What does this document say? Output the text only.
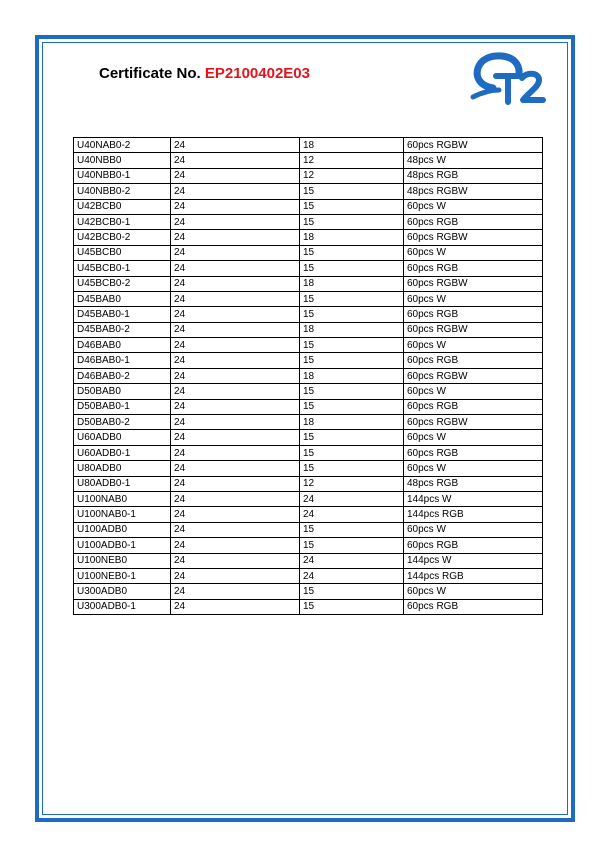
Certificate No. EP2100402E03
U40NAB0-2	24	18	60pcs RGBW
U40NBB0	24	12	48pcs W
U40NBB0-1	24	12	48pcs RGB
U40NBB0-2	24	15	48pcs RGBW
U42BCB0	24	15	60pcs W
U42BCB0-1	24	15	60pcs RGB
U42BCB0-2	24	18	60pcs RGBW
U45BCB0	24	15	60pcs W
U45BCB0-1	24	15	60pcs RGB
U45BCB0-2	24	18	60pcs RGBW
D45BAB0	24	15	60pcs W
D45BAB0-1	24	15	60pcs RGB
D45BAB0-2	24	18	60pcs RGBW
D46BAB0	24	15	60pcs W
D46BAB0-1	24	15	60pcs RGB
D46BAB0-2	24	18	60pcs RGBW
D50BAB0	24	15	60pcs W
D50BAB0-1	24	15	60pcs RGB
D50BAB0-2	24	18	60pcs RGBW
U60ADB0	24	15	60pcs W
U60ADB0-1	24	15	60pcs RGB
U80ADB0	24	15	60pcs W
U80ADB0-1	24	12	48pcs RGB
U100NAB0	24	24	144pcs W
U100NAB0-1	24	24	144pcs RGB
U100ADB0	24	15	60pcs W
U100ADB0-1	24	15	60pcs RGB
U100NEB0	24	24	144pcs W
U100NEB0-1	24	24	144pcs RGB
U300ADB0	24	15	60pcs W
U300ADB0-1	24	15	60pcs RGB
